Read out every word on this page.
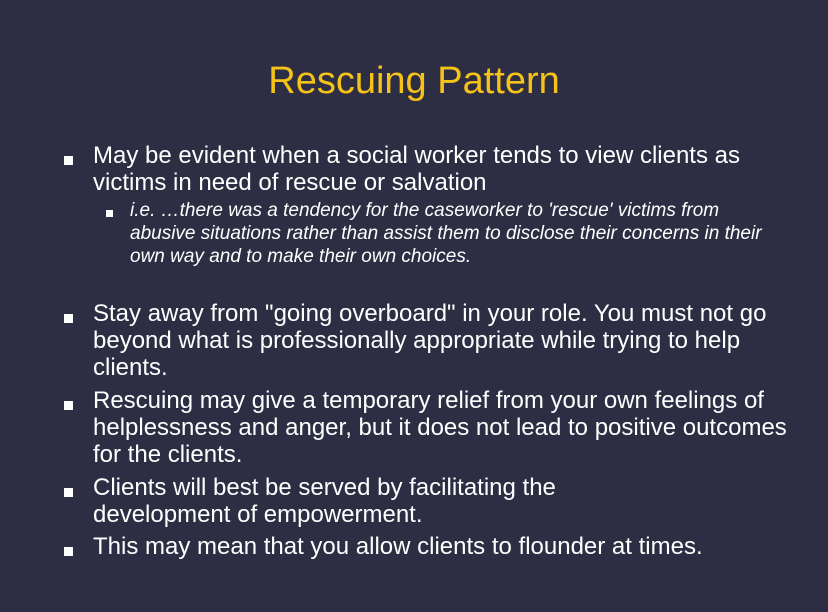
Rescuing Pattern
May be evident when a social worker tends to view clients as victims in need of rescue or salvation
i.e. …there was a tendency for the caseworker to 'rescue' victims from abusive situations rather than assist them to disclose their concerns in their own way and to make their own choices.
Stay away from "going overboard" in your role. You must not go beyond what is professionally appropriate while trying to help clients.
Rescuing may give a temporary relief from your own feelings of helplessness and anger, but it does not lead to positive outcomes for the clients.
Clients will best be served by facilitating the development of empowerment.
This may mean that you allow clients to flounder at times.
